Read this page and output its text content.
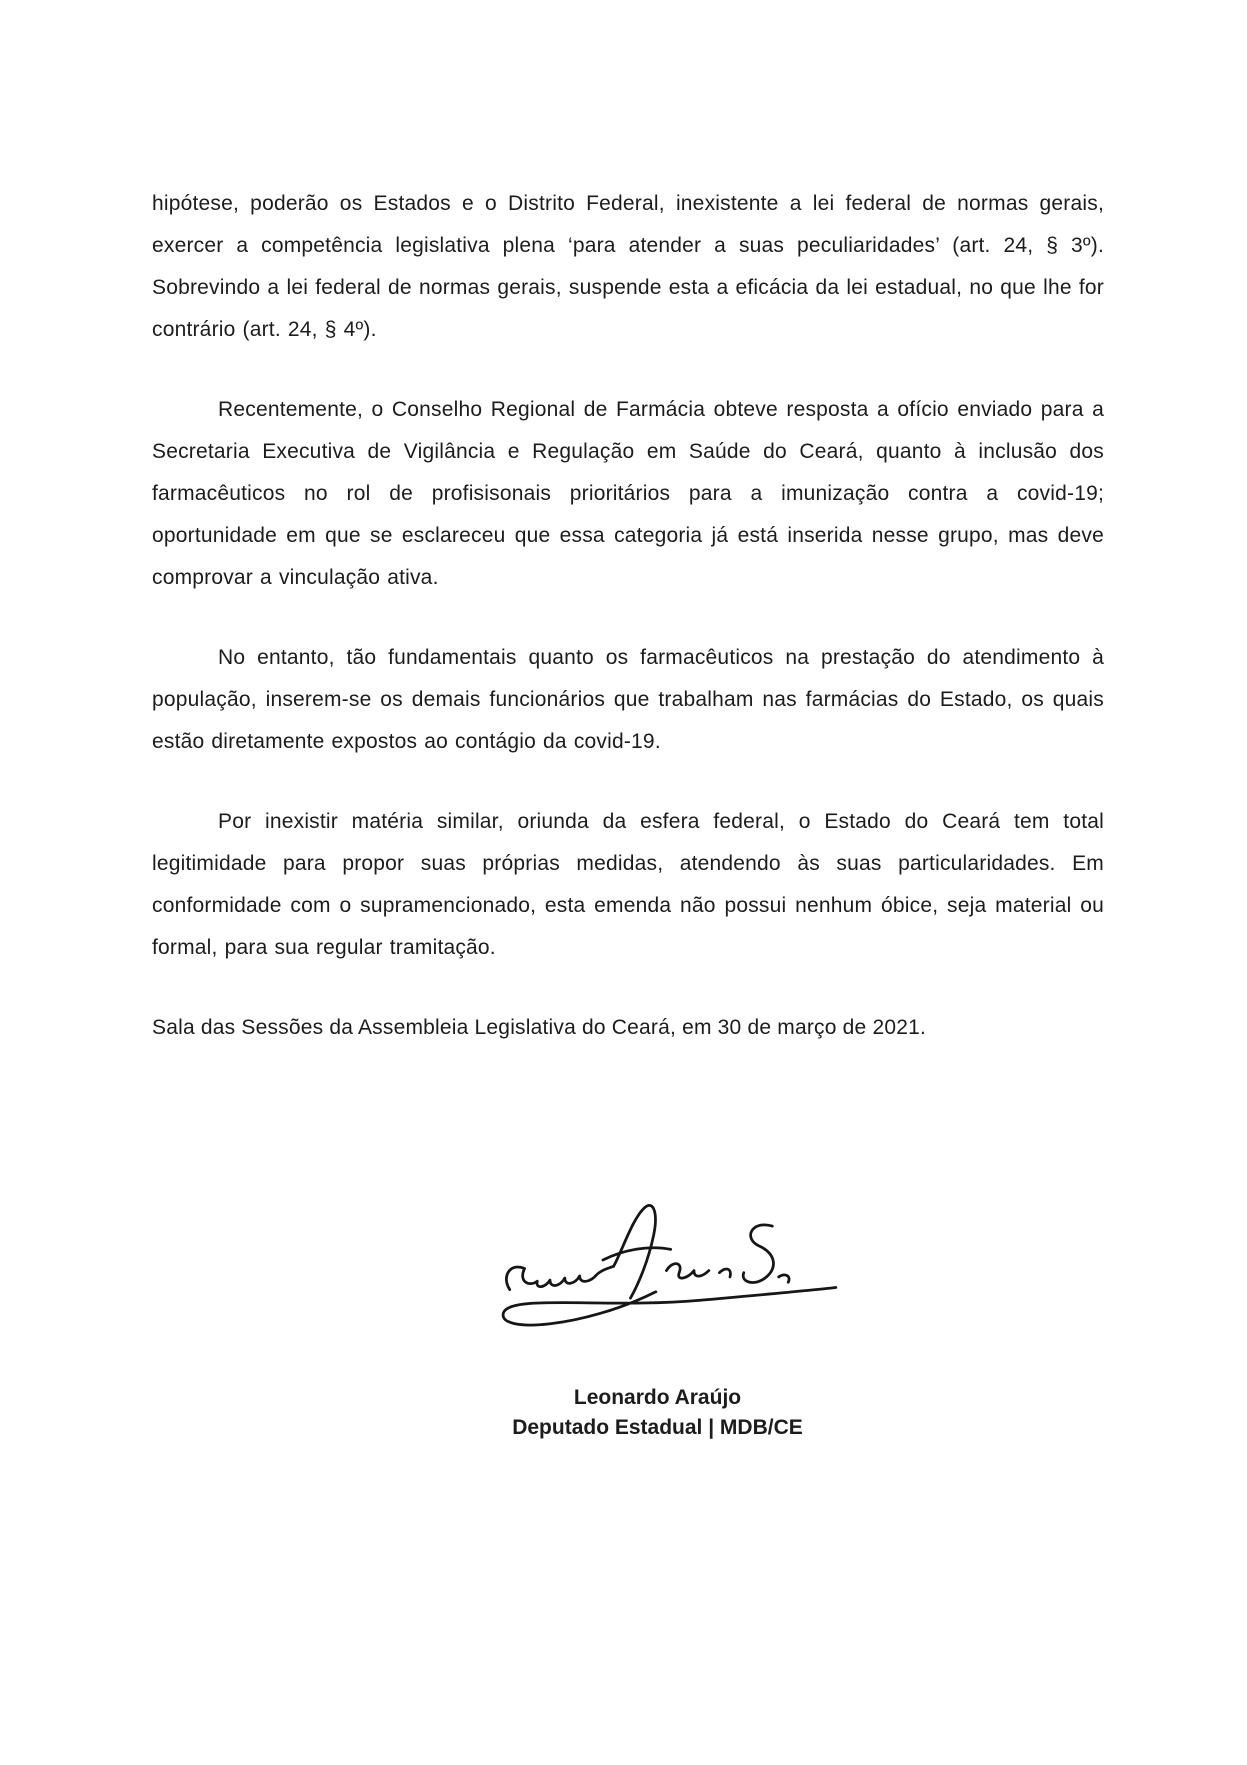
hipótese, poderão os Estados e o Distrito Federal, inexistente a lei federal de normas gerais, exercer a competência legislativa plena ‘para atender a suas peculiaridades’ (art. 24, § 3º). Sobrevindo a lei federal de normas gerais, suspende esta a eficácia da lei estadual, no que lhe for contrário (art. 24, § 4º).

Recentemente, o Conselho Regional de Farmácia obteve resposta a ofício enviado para a Secretaria Executiva de Vigilância e Regulação em Saúde do Ceará, quanto à inclusão dos farmacêuticos no rol de profisisonais prioritários para a imunização contra a covid-19; oportunidade em que se esclareceu que essa categoria já está inserida nesse grupo, mas deve comprovar a vinculação ativa.

No entanto, tão fundamentais quanto os farmacêuticos na prestação do atendimento à população, inserem-se os demais funcionários que trabalham nas farmácias do Estado, os quais estão diretamente expostos ao contágio da covid-19.

Por inexistir matéria similar, oriunda da esfera federal, o Estado do Ceará tem total legitimidade para propor suas próprias medidas, atendendo às suas particularidades. Em conformidade com o supramencionado, esta emenda não possui nenhum óbice, seja material ou formal, para sua regular tramitação.

Sala das Sessões da Assembleia Legislativa do Ceará, em 30 de março de 2021.

Leonardo Araújo
Deputado Estadual | MDB/CE
